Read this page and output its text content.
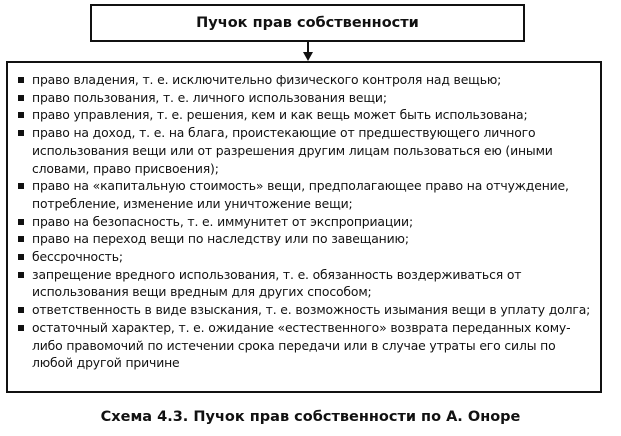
Пучок прав собственности
право владения, т. е. исключительно физического контроля над вещью;
право пользования, т. е. личного использования вещи;
право управления, т. е. решения, кем и как вещь может быть использована;
право на доход, т. е. на блага, проистекающие от предшествующего личного использования вещи или от разрешения другим лицам пользоваться ею (иными словами, право присвоения);
право на «капитальную стоимость» вещи, предполагающее право на отчуждение, потребление, изменение или уничтожение вещи;
право на безопасность, т. е. иммунитет от экспроприации;
право на переход вещи по наследству или по завещанию;
бессрочность;
запрещение вредного использования, т. е. обязанность воздерживаться от использования вещи вредным для других способом;
ответственность в виде взыскания, т. е. возможность изымания вещи в уплату долга;
остаточный характер, т. е. ожидание «естественного» возврата переданных кому-либо правомочий по истечении срока передачи или в случае утраты его силы по любой другой причине
Схема 4.3. Пучок прав собственности по А. Оноре
